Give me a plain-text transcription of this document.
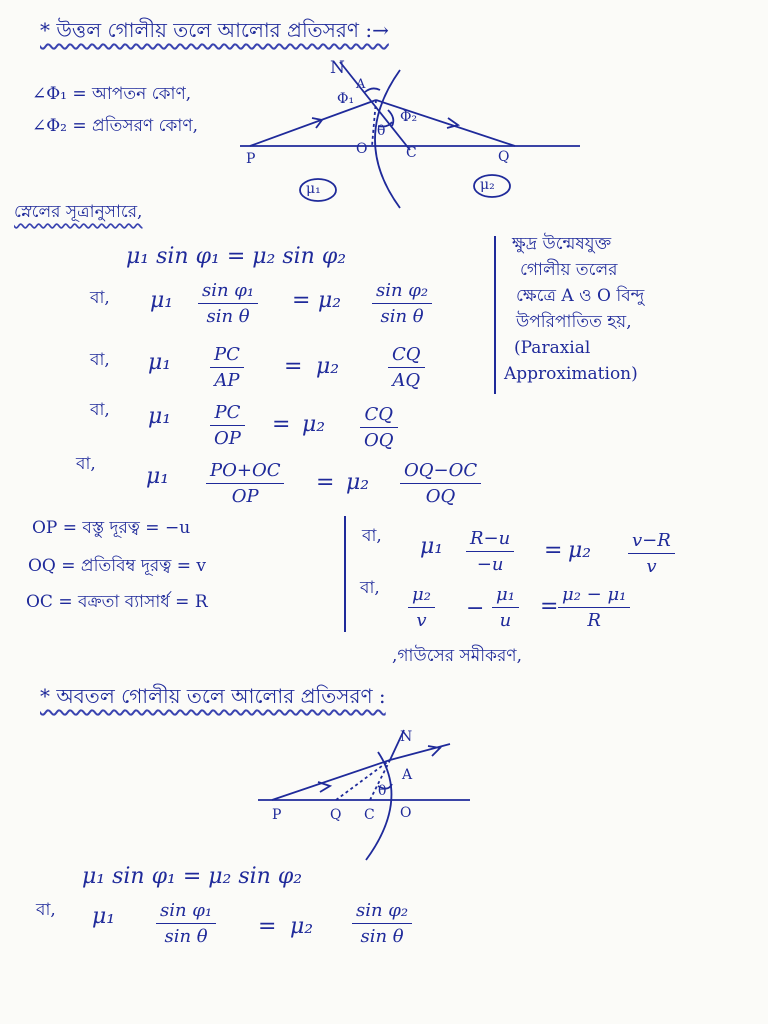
* উত্তল গোলীয় তলে আলোর প্রতিসরণ :→
∠Φ₁ = আপতন কোণ,
∠Φ₂ = প্রতিসরণ কোণ,
N
A
Φ₁
Φ₂
θ
P
O	C	Q
μ₁	μ₂
স্নেলের সূত্রানুসারে,
μ₁ sin φ₁ = μ₂ sin φ₂
বা, μ₁ sin φ₁
sin θ
= μ₂ sin φ₂
sin θ
বা, μ₁ PC
AP
= μ₂	CQ
AQ
বা, μ₁ PC
OP
= μ₂ CQ
OQ
বা, μ₁ PO+OC
OP
= μ₂ OQ−OC
OQ
ক্ষুদ্র উন্মেষযুক্ত
গোলীয় তলের
ক্ষেত্রে A ও O বিন্দু
উপরিপাতিত হয়,
(Paraxial
Approximation)
OP = বস্তু দূরত্ব = −u
OQ = প্রতিবিম্ব দূরত্ব = v
OC = বক্রতা ব্যাসার্ধ = R
বা, μ₁ R−u
−u
= μ₂ v−R
v
বা, μ₂
v −
μ₁
u
= μ₂ − μ₁
R
,গাউসের সমীকরণ,
* অবতল গোলীয় তলে আলোর প্রতিসরণ :
N
A
θ
P	Q C O
μ₁ sin φ₁ = μ₂ sin φ₂
বা, μ₁ sin φ₁
sin θ = μ₂
sin φ₂
sin θ
